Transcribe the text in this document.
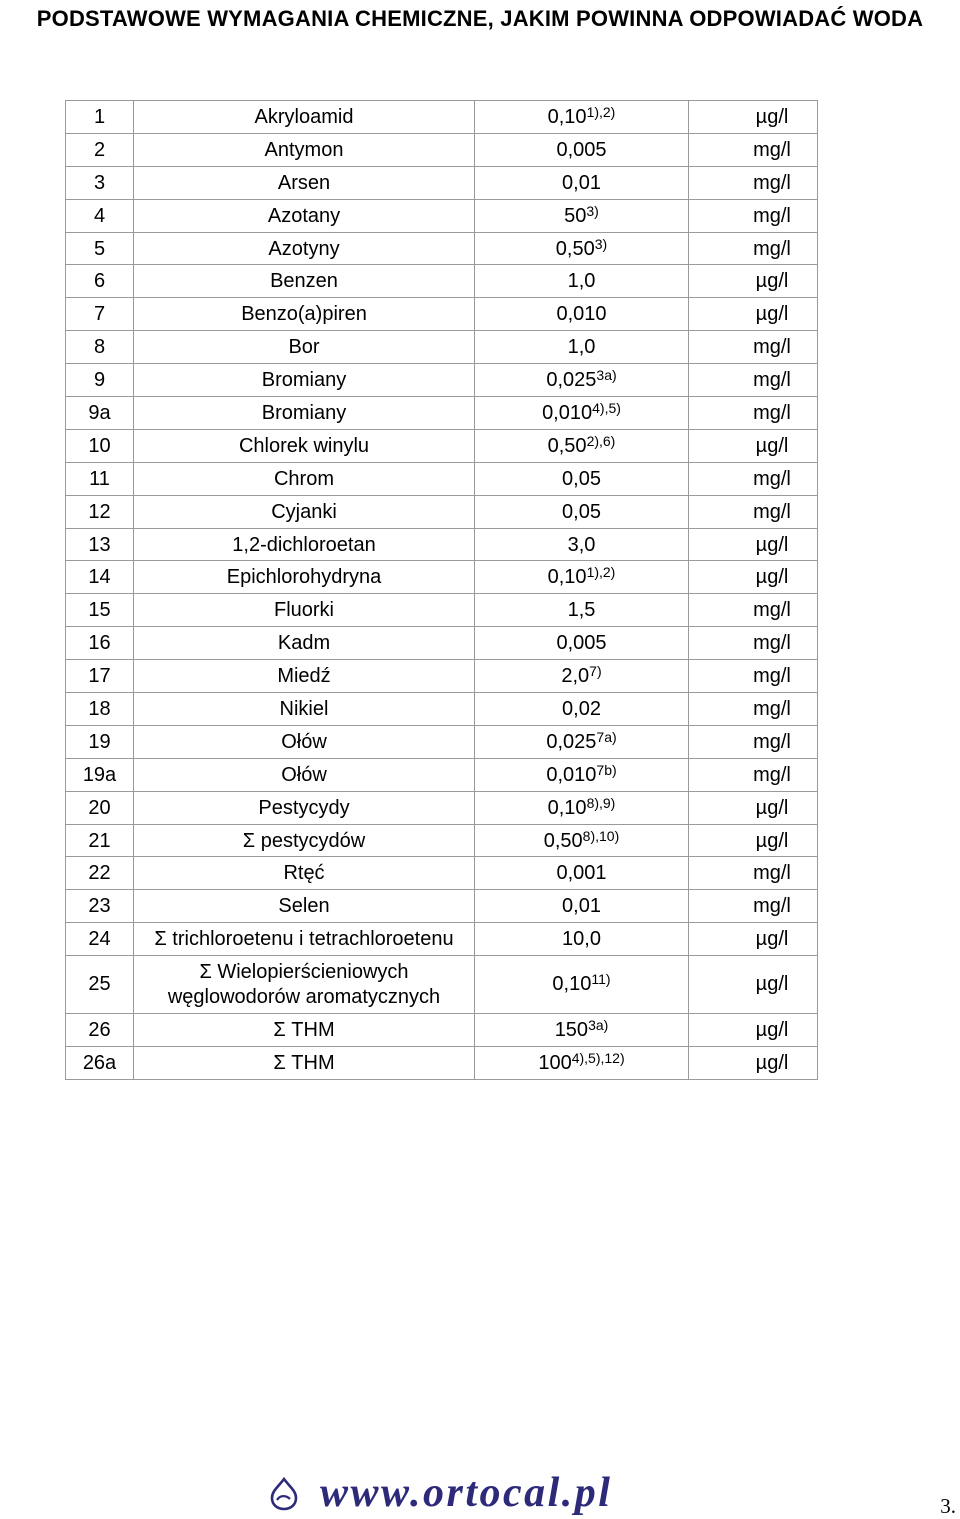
PODSTAWOWE WYMAGANIA CHEMICZNE, JAKIM POWINNA ODPOWIADAĆ WODA
1	Akryloamid	$0,10^{1),2)}$	µg/l
2	Antymon	0,005	mg/l
3	Arsen	0,01	mg/l
4	Azotany	50$^{3)}$	mg/l
5	Azotyny	0,50$^{3)}$	mg/l
6	Benzen	1,0	µg/l
7	Benzo(a)piren	0,010	µg/l
8	Bor	1,0	mg/l
9	Bromiany	$0,025^{3a)}$	mg/l
9a	Bromiany	$0,010^{4),5)}$	mg/l
10	Chlorek winylu	$0,50^{2),6)}$	µg/l
11	Chrom	0,05	mg/l
12	Cyjanki	0,05	mg/l
13	1,2-dichloroetan	3,0	µg/l
14	Epichlorohydryna	$0,10^{1),2)}$	µg/l
15	Fluorki	1,5	mg/l
16	Kadm	0,005	mg/l
17	Miedź	2,0$^{7)}$	mg/l
18	Nikiel	0,02	mg/l
19	Ołów	$0,025^{7a)}$	mg/l
19a	Ołów	$0,010^{7b)}$	mg/l
20	Pestycydy	$0,10^{8),9)}$	µg/l
21	Σ pestycydów	$0,50^{8),10)}$	µg/l
22	Rtęć	0,001	mg/l
23	Selen	0,01	mg/l
24	Σ trichloroetenu i tetrachloroetenu	10,0	µg/l
25	Σ Wielopierścieniowych węglowodorów aromatycznych	0,10$^{11)}$	µg/l
26	Σ THM	$150^{3a)}$	µg/l
26a	Σ THM	$100^{4),5),12)}$	µg/l
www.ortocal.pl	3.
